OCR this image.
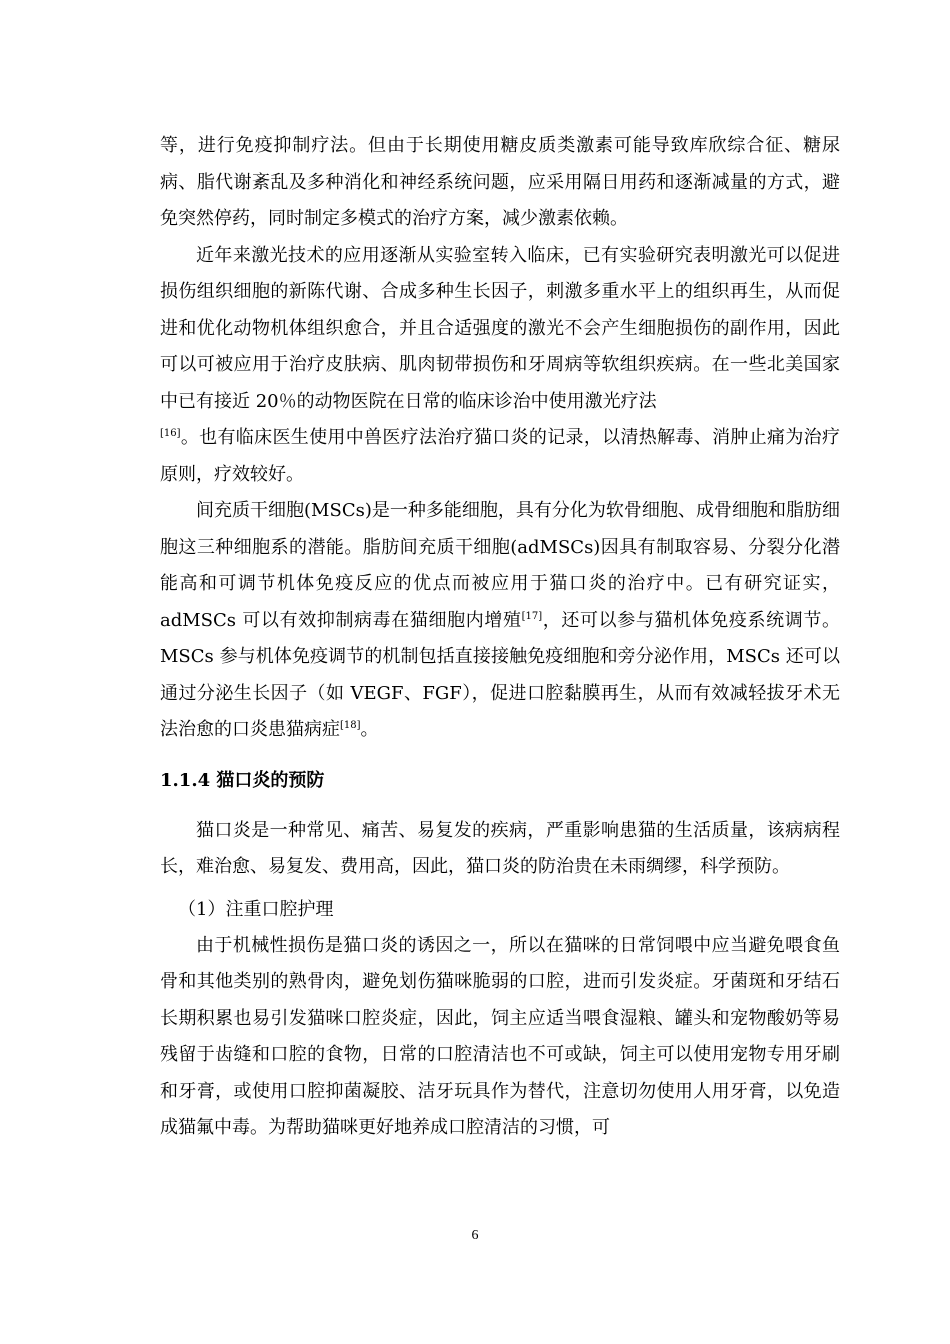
等，进行免疫抑制疗法。但由于长期使用糖皮质类激素可能导致库欣综合征、糖尿病、脂代谢紊乱及多种消化和神经系统问题，应采用隔日用药和逐渐减量的方式，避免突然停药，同时制定多模式的治疗方案，减少激素依赖。

近年来激光技术的应用逐渐从实验室转入临床，已有实验研究表明激光可以促进损伤组织细胞的新陈代谢、合成多种生长因子，刺激多重水平上的组织再生，从而促进和优化动物机体组织愈合，并且合适强度的激光不会产生细胞损伤的副作用，因此可以可被应用于治疗皮肤病、肌肉韧带损伤和牙周病等软组织疾病。在一些北美国家中已有接近 20％的动物医院在日常的临床诊治中使用激光疗法
[16]。也有临床医生使用中兽医疗法治疗猫口炎的记录，以清热解毒、消肿止痛为治疗原则，疗效较好。

间充质干细胞(MSCs)是一种多能细胞，具有分化为软骨细胞、成骨细胞和脂肪细胞这三种细胞系的潜能。脂肪间充质干细胞(adMSCs)因具有制取容易、分裂分化潜能高和可调节机体免疫反应的优点而被应用于猫口炎的治疗中。已有研究证实，adMSCs 可以有效抑制病毒在猫细胞内增殖[17]，还可以参与猫机体免疫系统调节。MSCs 参与机体免疫调节的机制包括直接接触免疫细胞和旁分泌作用，MSCs 还可以通过分泌生长因子（如 VEGF、FGF），促进口腔黏膜再生，从而有效减轻拔牙术无法治愈的口炎患猫病症[18]。

1.1.4 猫口炎的预防

猫口炎是一种常见、痛苦、易复发的疾病，严重影响患猫的生活质量，该病病程长，难治愈、易复发、费用高，因此，猫口炎的防治贵在未雨绸缪，科学预防。

（1）注重口腔护理

由于机械性损伤是猫口炎的诱因之一，所以在猫咪的日常饲喂中应当避免喂食鱼骨和其他类别的熟骨肉，避免划伤猫咪脆弱的口腔，进而引发炎症。牙菌斑和牙结石长期积累也易引发猫咪口腔炎症，因此，饲主应适当喂食湿粮、罐头和宠物酸奶等易残留于齿缝和口腔的食物，日常的口腔清洁也不可或缺，饲主可以使用宠物专用牙刷和牙膏，或使用口腔抑菌凝胶、洁牙玩具作为替代，注意切勿使用人用牙膏，以免造成猫氟中毒。为帮助猫咪更好地养成口腔清洁的习惯，可

6
